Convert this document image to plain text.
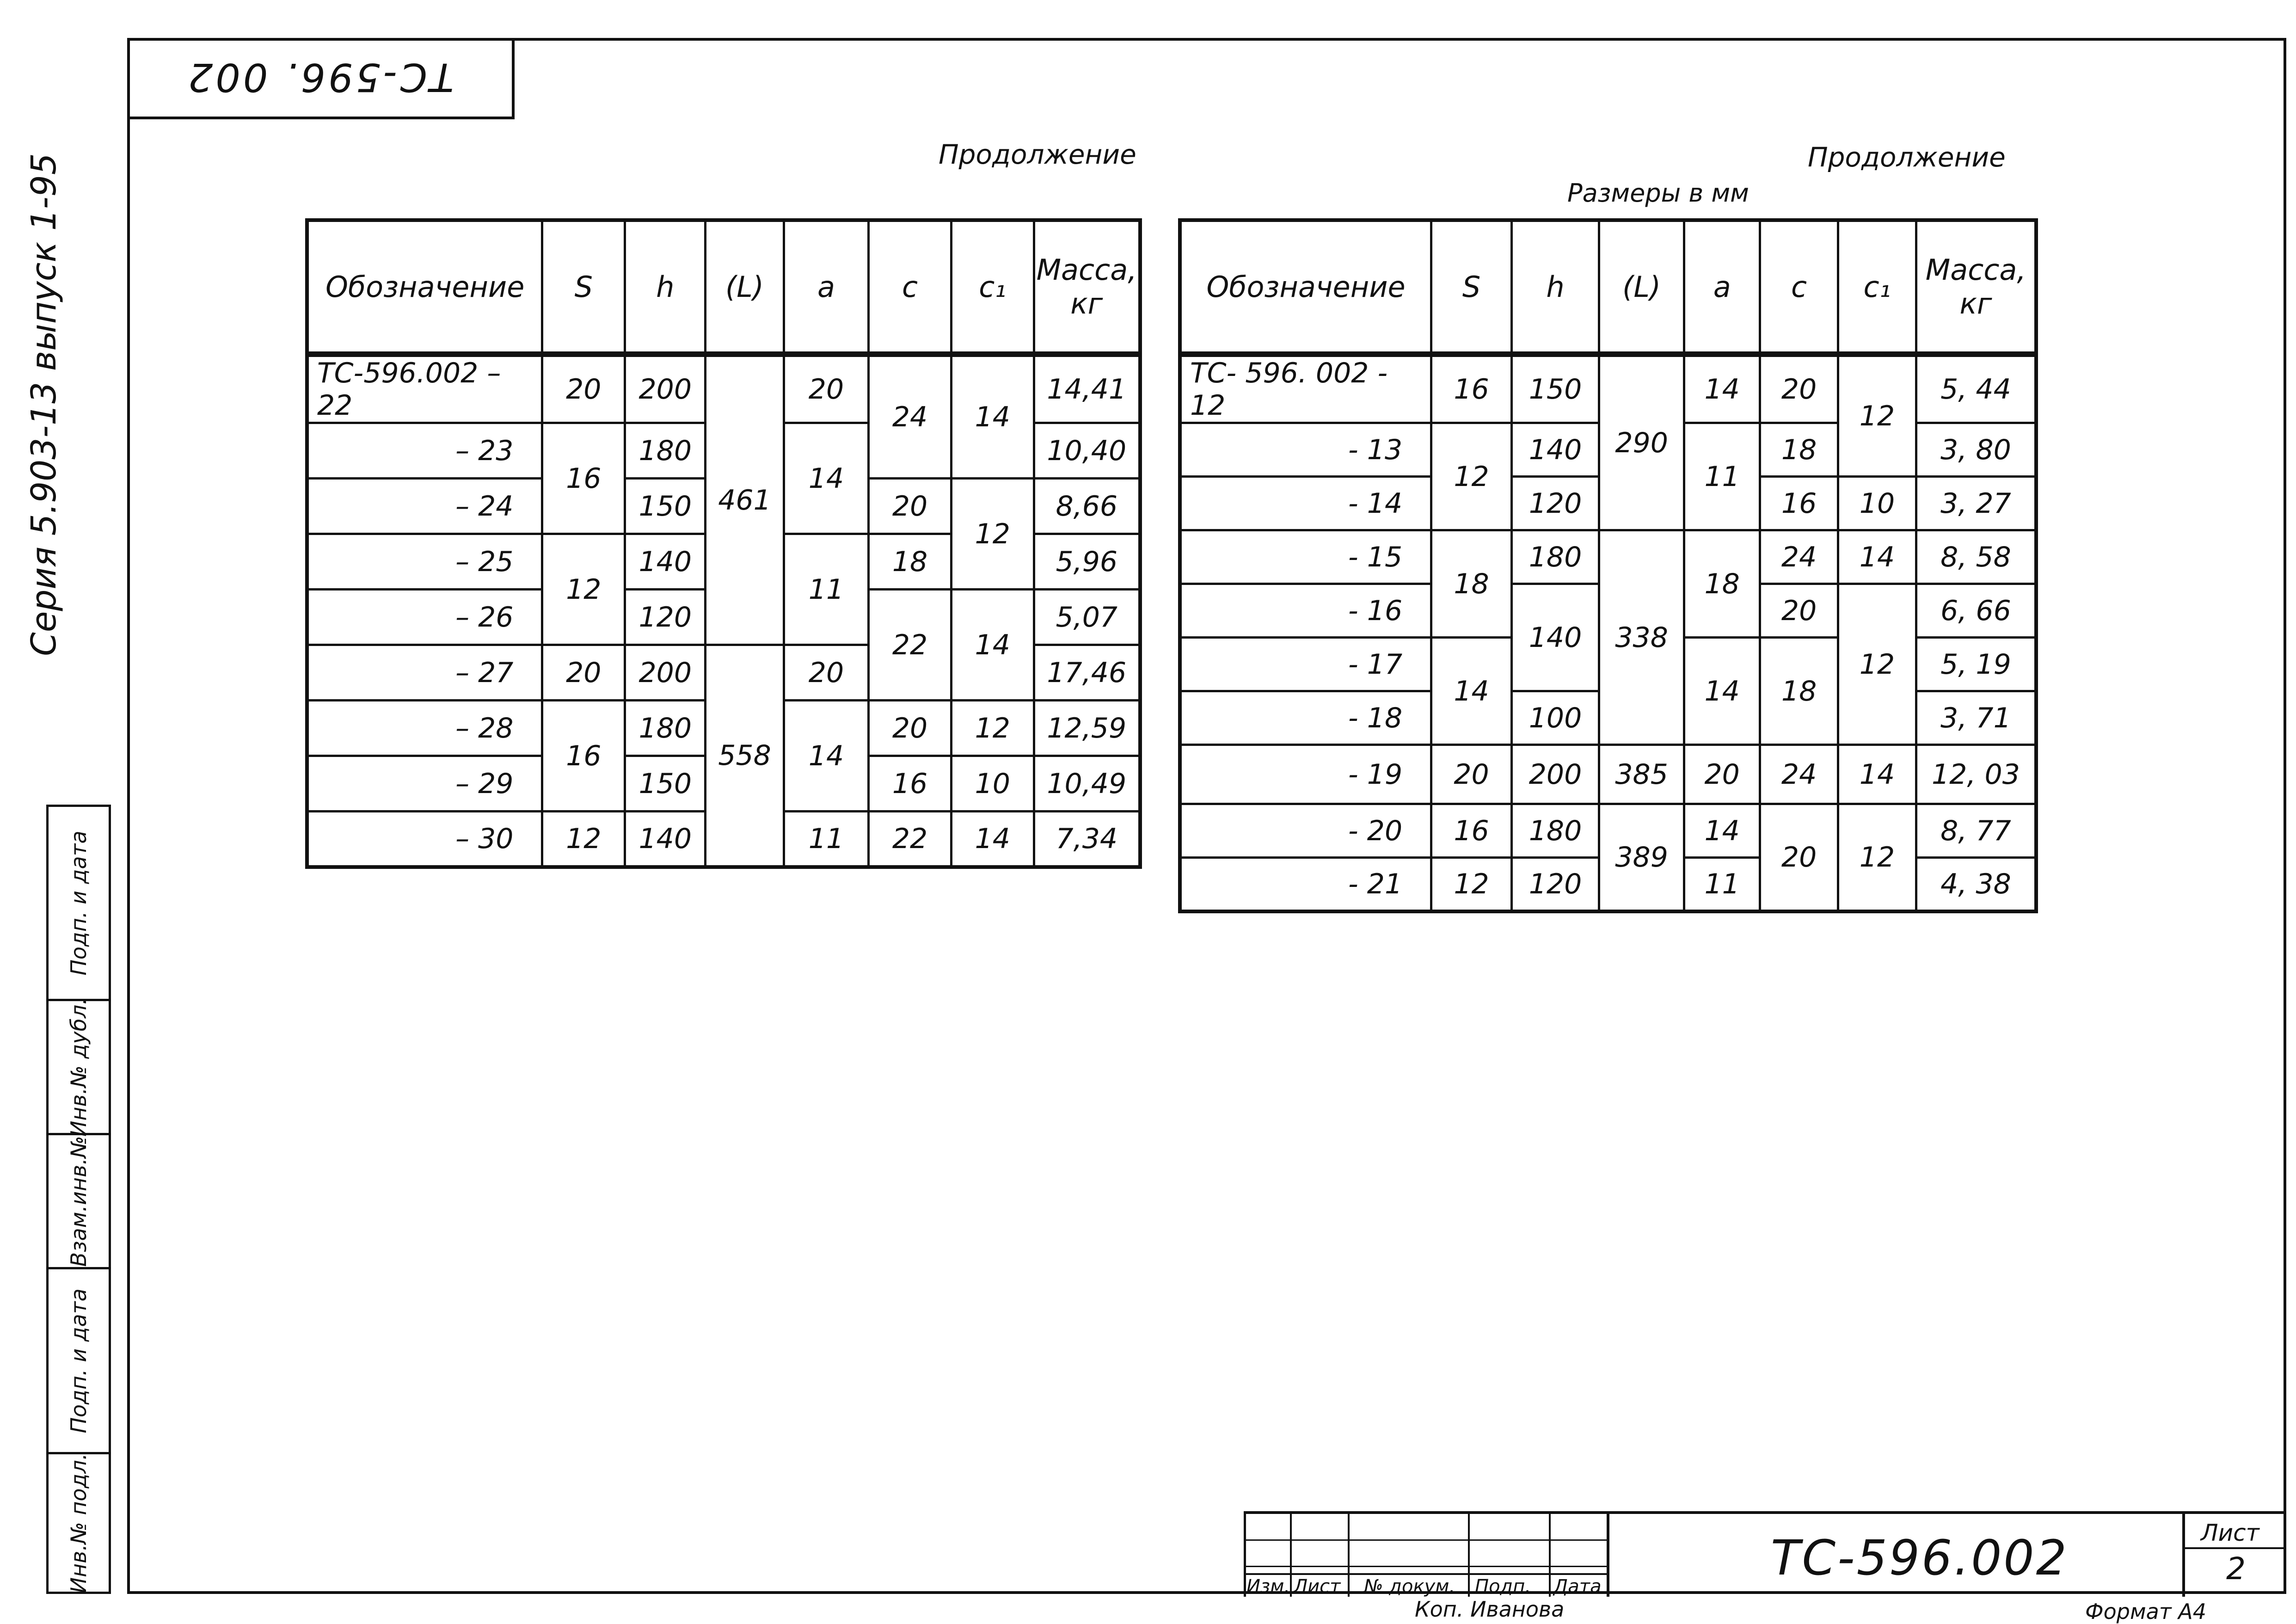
ТС-596. 002
Серия 5.903-13 выпуск 1-95
Подп. и дата
Инв.№ дубл.
Взам.инв.№
Подп. и дата
Инв.№ подл.
Продолжение	Продолжение
Размеры в мм
Обозначение	S	h	(L)	a	c	c₁	Масса,
кг

ТС-596.002 – 22	20	200	461	20	24	14	14,41
– 23	16	180		14			10,40
– 24		150			20	12	8,66
– 25	12	140		11	18		5,96
– 26		120			22	14	5,07
– 27	20	200	558	20			17,46
– 28	16	180		14	20	12	12,59
– 29		150			16	10	10,49
– 30	12	140		11	22	14	7,34
Обозначение	S	h	(L)	a	c	c₁	Масса,
кг

ТС- 596. 002 - 12	16	150	290	14	20	12	5, 44
- 13	12	140		11	18		3, 80
- 14		120			16	10	3, 27
- 15	18	180	338	18	24	14	8, 58
- 16		140			20	12	6, 66
- 17	14			14	18		5, 19
- 18		100					3, 71
- 19	20	200	385	20	24	14	12, 03
- 20	16	180	389	14	20	12	8, 77
- 21	12	120		11			4, 38
Изм. Лист № докум. Подп. Дата
ТС-596.002	Лист
2
Коп. Иванова	Формат А4
